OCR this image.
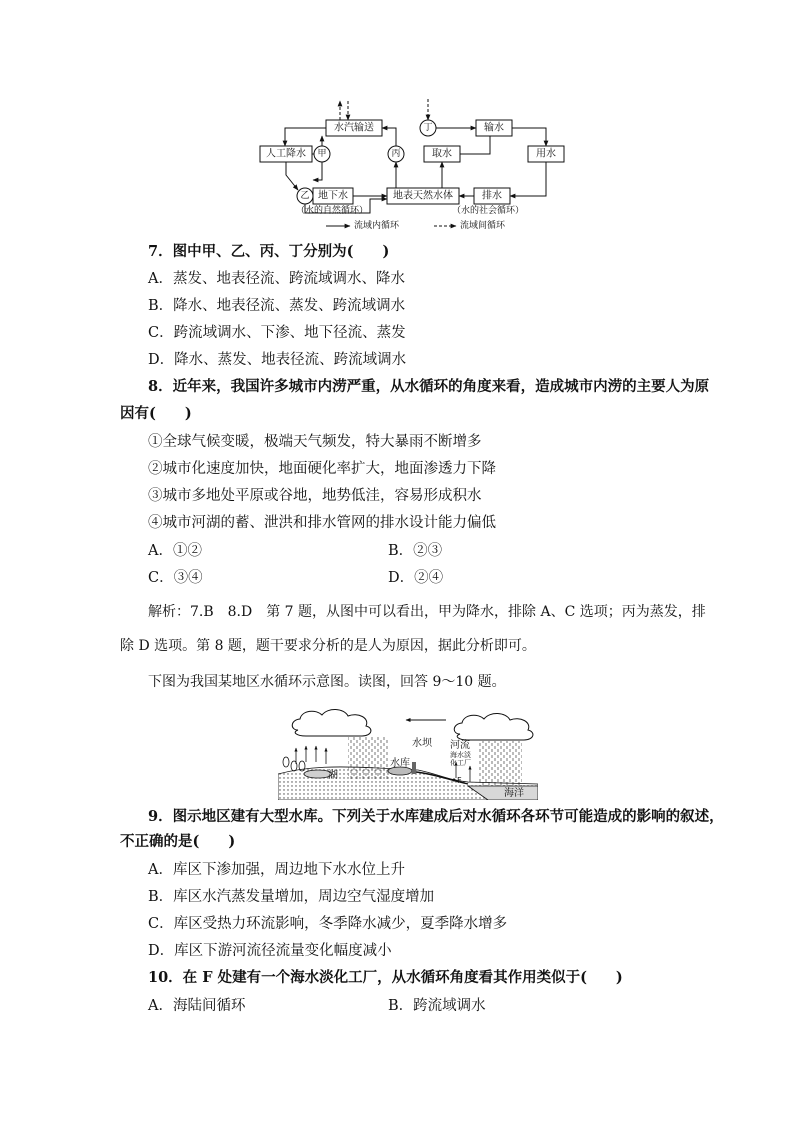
水汽输送
人工降水
地下水	地表天然水体
取水
输水
用水
排水
甲
乙
丙
丁
（水的自然循环）	（水的社会循环）
流域内循环	流域间循环
7．图中甲、乙、丙、丁分别为(　　)
A．蒸发、地表径流、跨流域调水、降水
B．降水、地表径流、蒸发、跨流域调水
C．跨流域调水、下渗、地下径流、蒸发
D．降水、蒸发、地表径流、跨流域调水
8．近年来，我国许多城市内涝严重，从水循环的角度来看，造成城市内涝的主要人为原
因有(　　)
①全球气候变暖，极端天气频发，特大暴雨不断增多
②城市化速度加快，地面硬化率扩大，地面渗透力下降
③城市多地处平原或谷地，地势低洼，容易形成积水
④城市河湖的蓄、泄洪和排水管网的排水设计能力偏低
A．①②	B．②③
C．③④	D．②④
解析：7.B　8.D　第 7 题，从图中可以看出，甲为降水，排除 A、C 选项；丙为蒸发，排
除 D 选项。第 8 题，题干要求分析的是人为原因，据此分析即可。
下图为我国某地区水循环示意图。读图，回答 9～10 题。
水坝 河流
海水淡
化工厂
水库
湖
海洋
F
9．图示地区建有大型水库。下列关于水库建成后对水循环各环节可能造成的影响的叙述，
不正确的是(　　)
A．库区下渗加强，周边地下水水位上升
B．库区水汽蒸发量增加，周边空气湿度增加
C．库区受热力环流影响，冬季降水减少，夏季降水增多
D．库区下游河流径流量变化幅度减小
10．在 F 处建有一个海水淡化工厂，从水循环角度看其作用类似于(　　)
A．海陆间循环	B．跨流域调水
